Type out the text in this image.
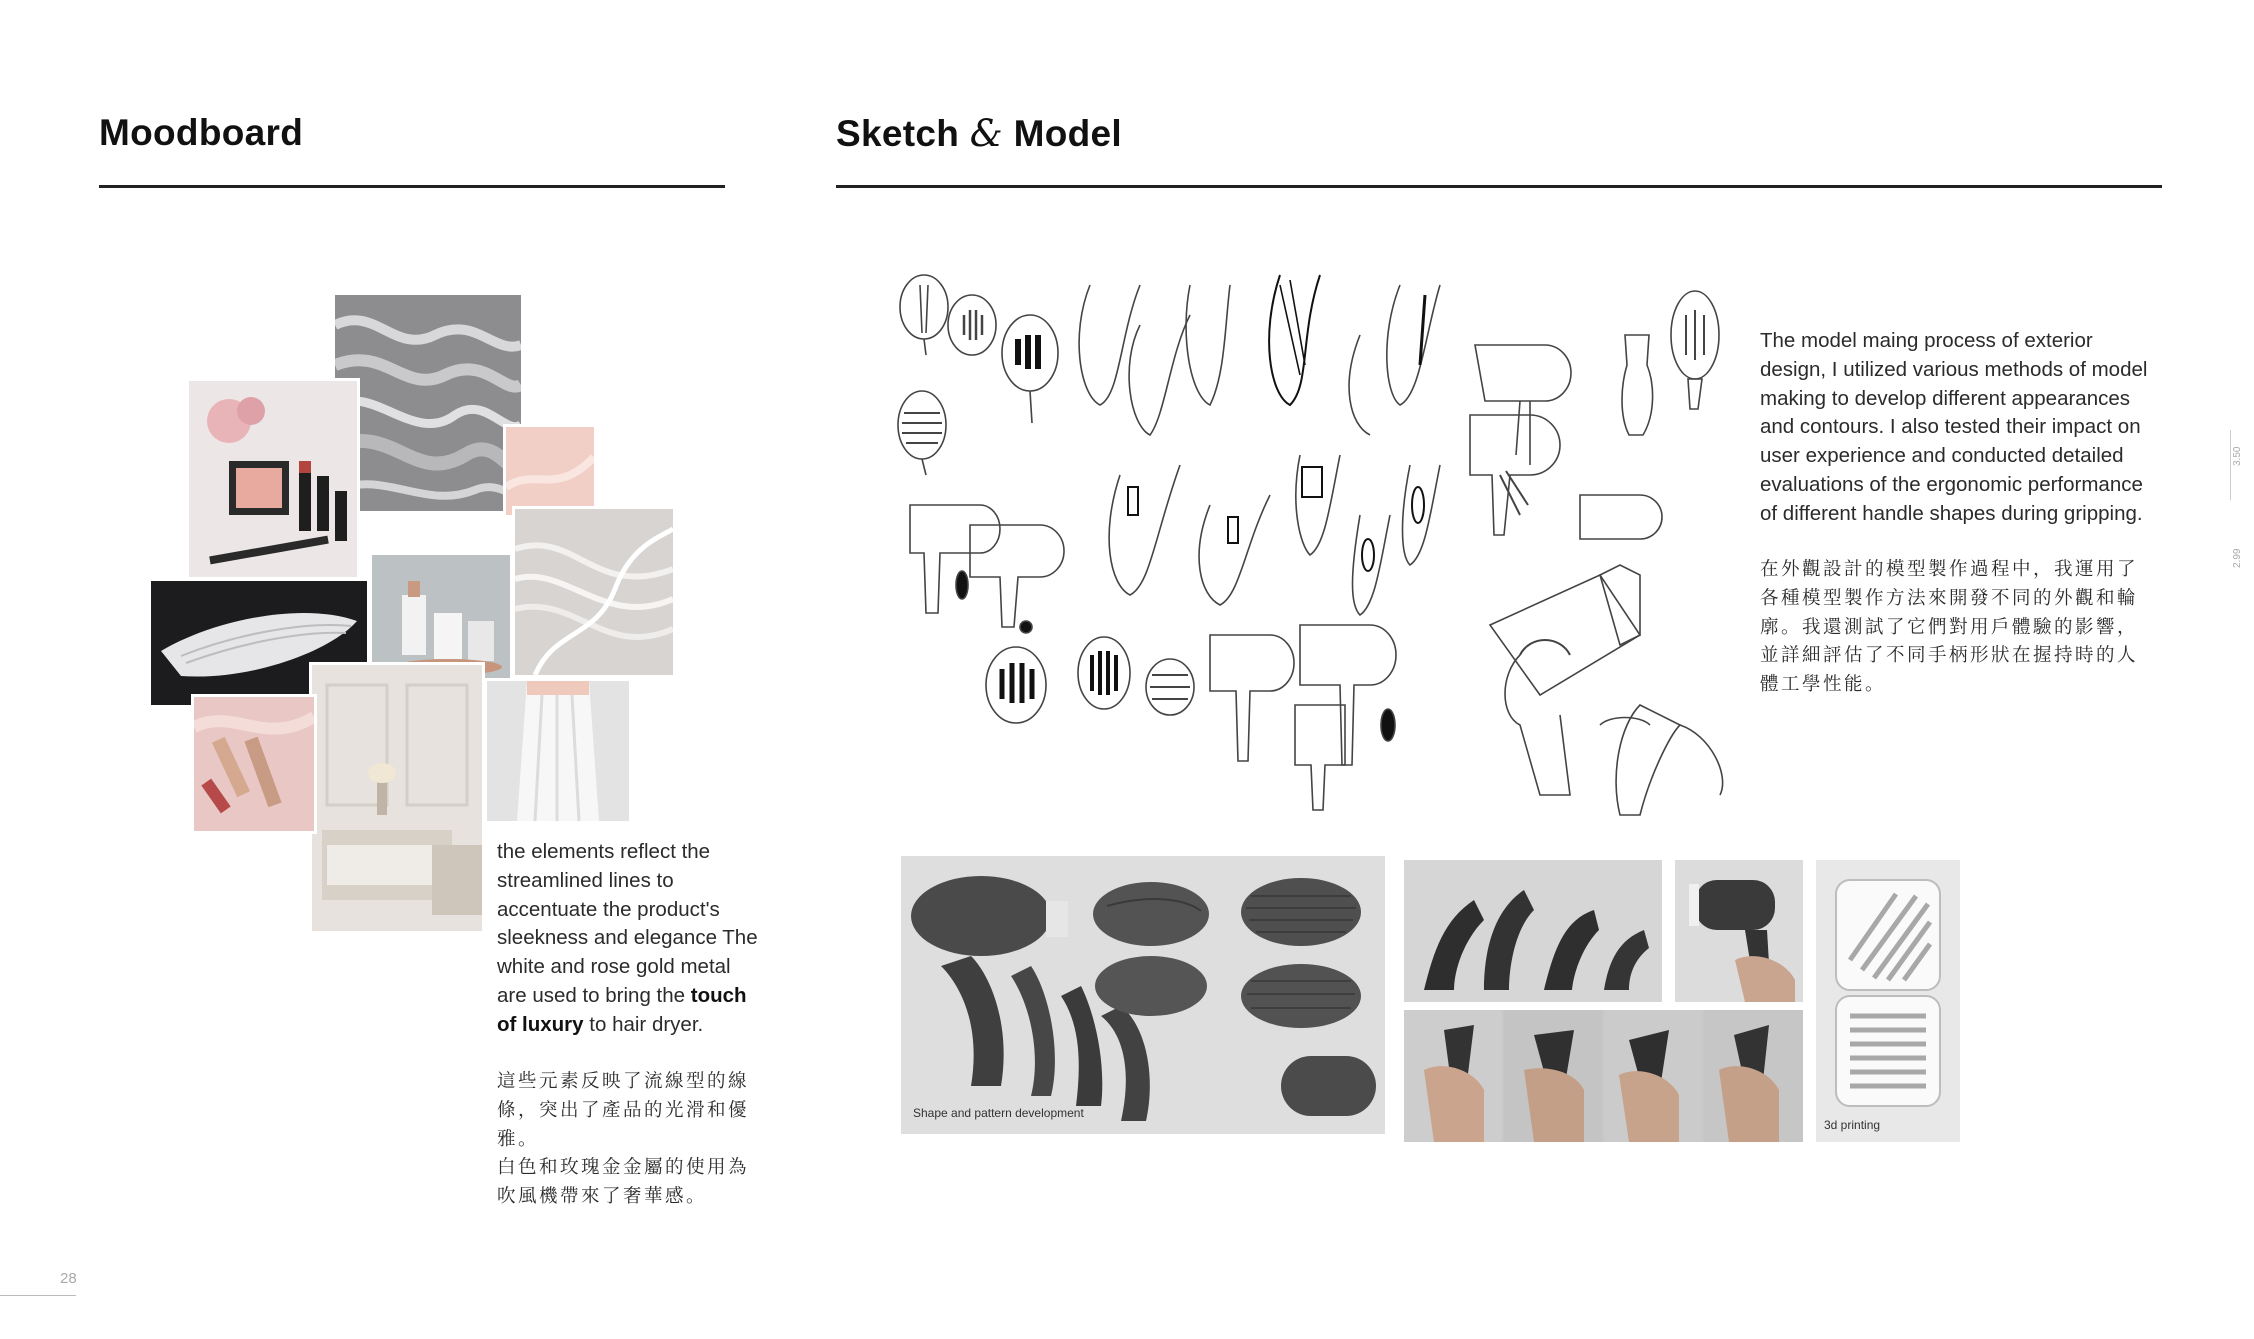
Moodboard	Sketch & Model
the elements reflect the streamlined lines to accentuate the product's sleekness and elegance The white and rose gold metal are used to bring the touch of luxury to hair dryer.
這些元素反映了流線型的線條，突出了產品的光滑和優雅。
白色和玫瑰金金屬的使用為吹風機帶來了奢華感。
The model maing process of exterior design, I utilized various methods of model making to develop different appearances and contours. I also tested their impact on user experience and conducted detailed evaluations of the ergonomic performance of different handle shapes during gripping.
在外觀設計的模型製作過程中，我運用了各種模型製作方法來開發不同的外觀和輪廓。我還測試了它們對用戶體驗的影響，並詳細評估了不同手柄形狀在握持時的人體工學性能。
Shape and pattern development
3d printing
28
3.50
2.99
